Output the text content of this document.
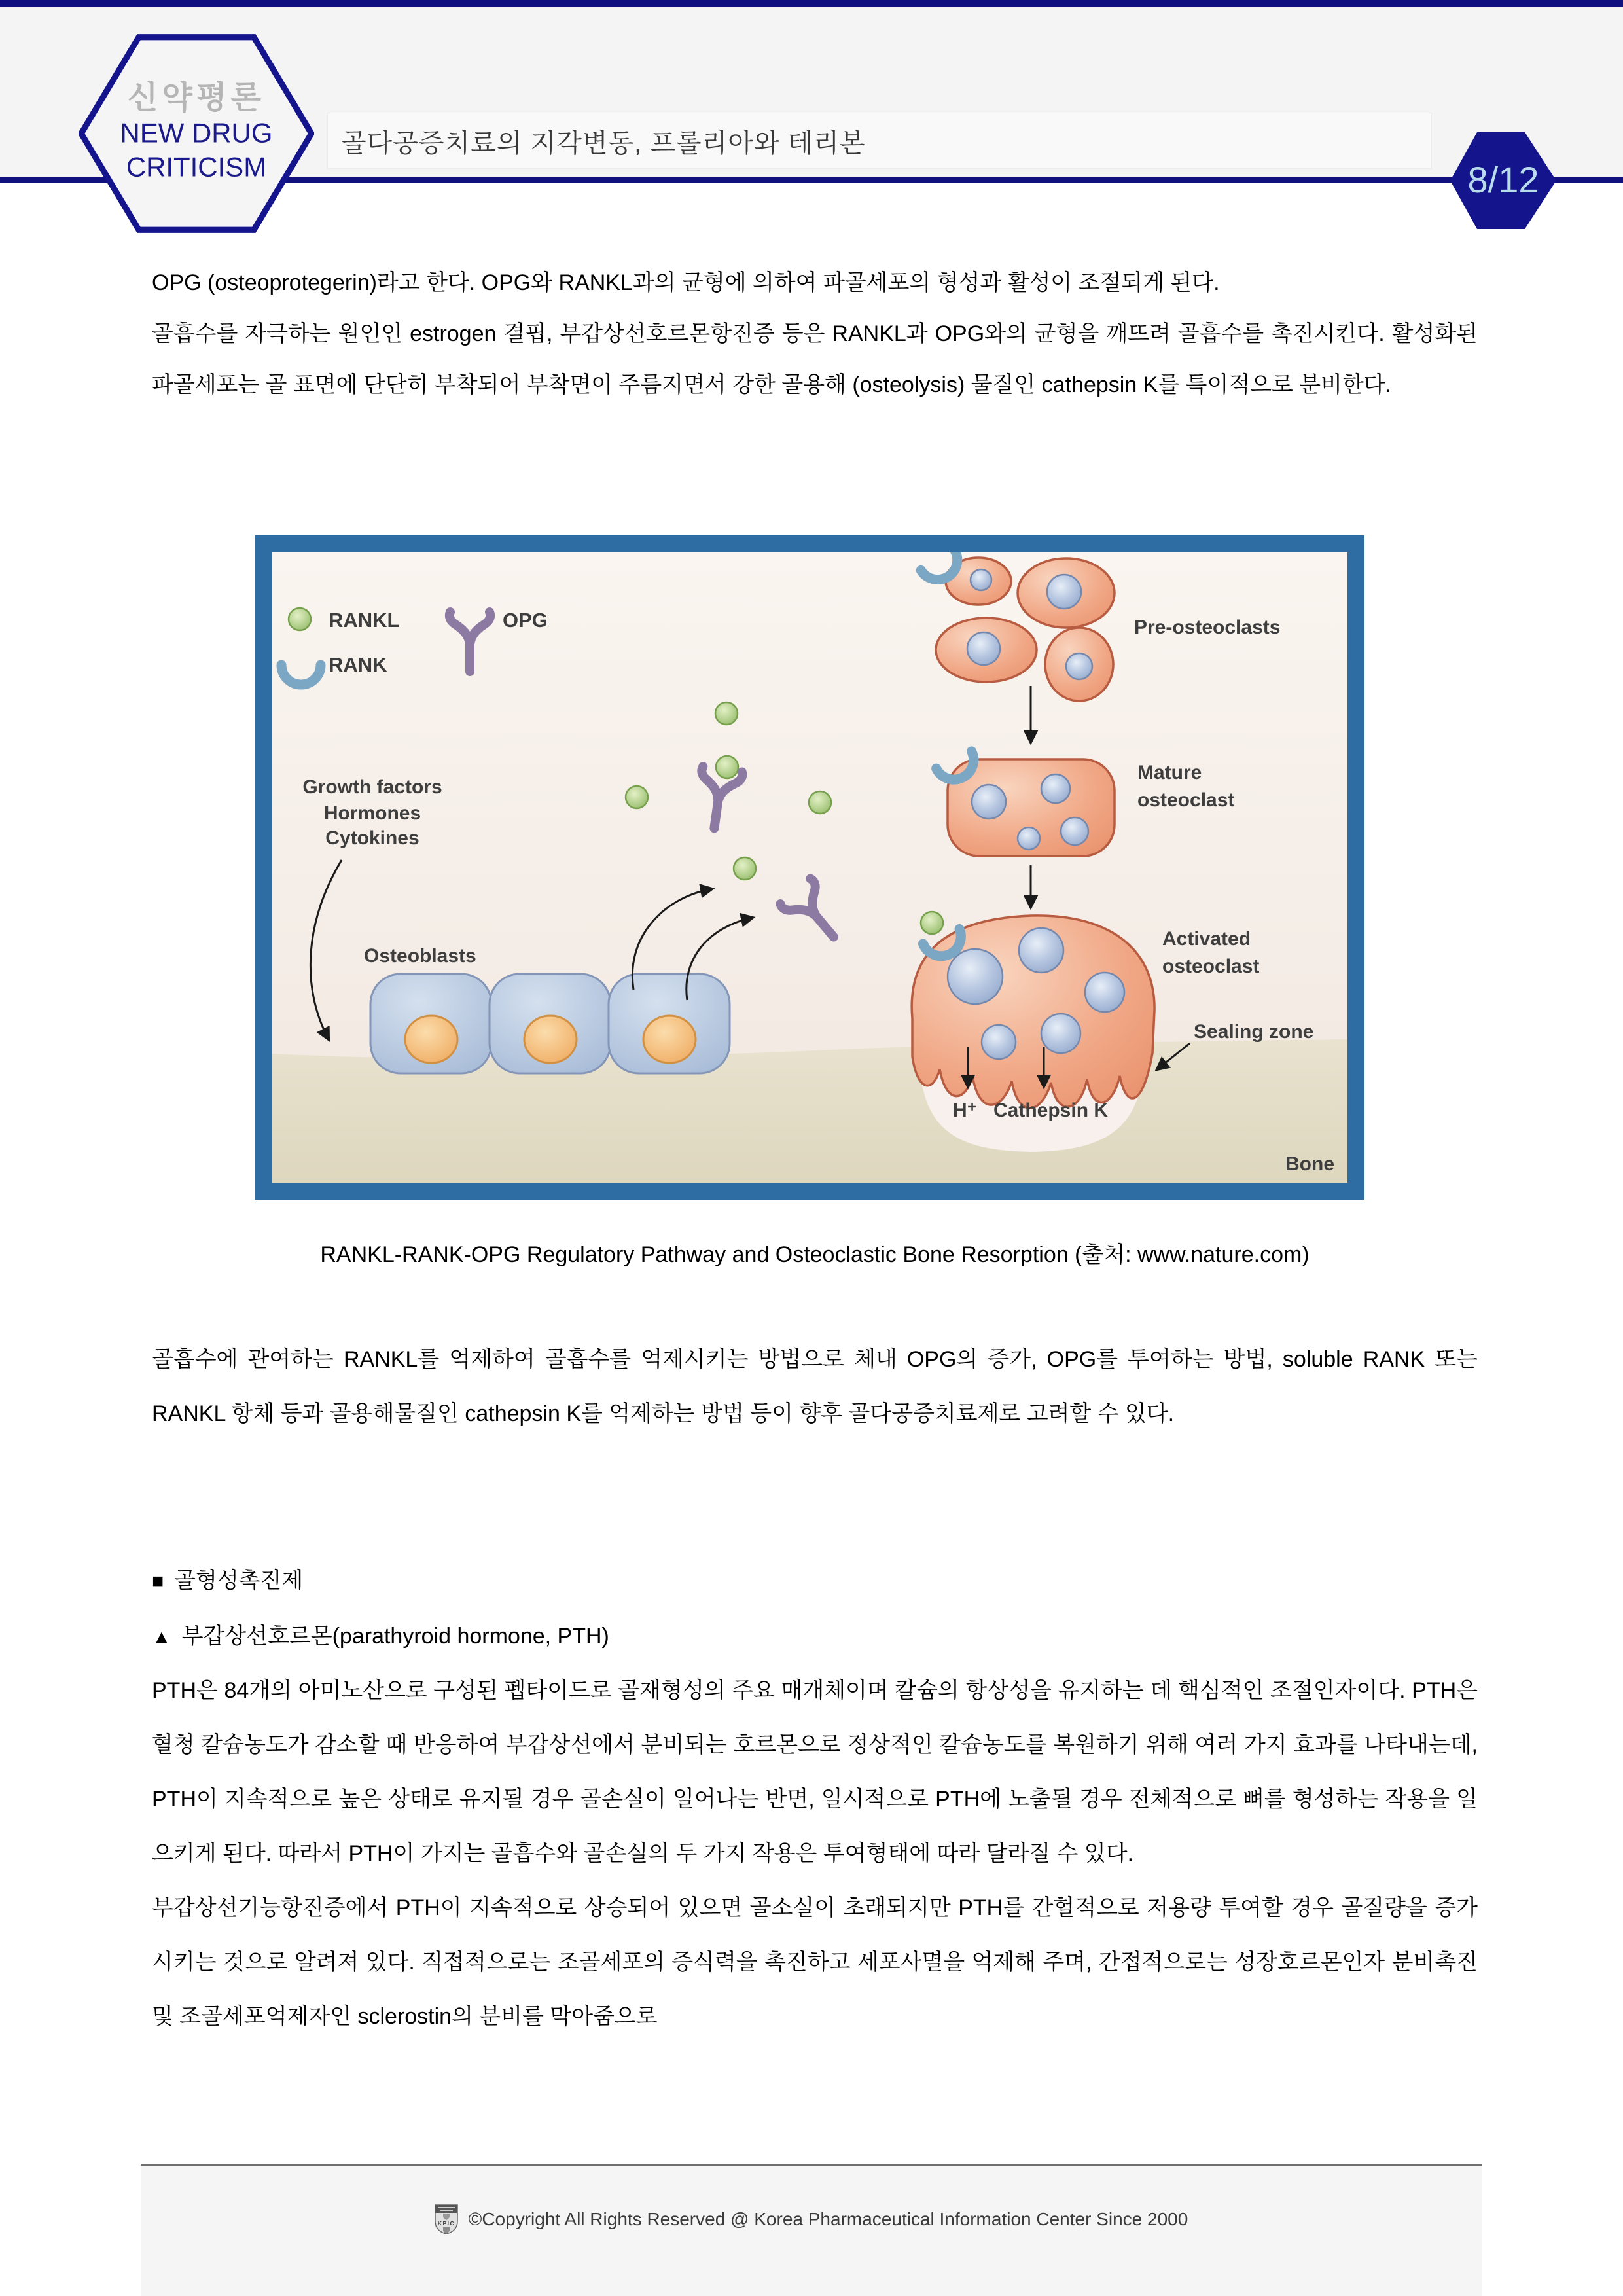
골다공증치료의 지각변동, 프롤리아와 테리본
신약평론
NEW DRUG
CRITICISM	8/12

OPG (osteoprotegerin)라고 한다. OPG와 RANKL과의 균형에 의하여 파골세포의 형성과 활성이 조절되게 된다.

골흡수를 자극하는 원인인 estrogen 결핍, 부갑상선호르몬항진증 등은 RANKL과 OPG와의 균형을 깨뜨려 골흡수를 촉진시킨다. 활성화된 파골세포는 골 표면에 단단히 부착되어 부착면이 주름지면서 강한 골용해 (osteolysis) 물질인 cathepsin K를 특이적으로 분비한다.

RANKL
RANK
OPG
Growth factors
Hormones
Cytokines
Osteoblasts
Pre-osteoclasts
Mature
osteoclast
Activated
osteoclast
Sealing zone
H⁺ Cathepsin K
Bone
RANKL-RANK-OPG Regulatory Pathway and Osteoclastic Bone Resorption (출처: www.nature.com)
골흡수에 관여하는 RANKL를 억제하여 골흡수를 억제시키는 방법으로 체내 OPG의 증가, OPG를 투여하는 방법, soluble RANK 또는 RANKL 항체 등과 골용해물질인 cathepsin K를 억제하는 방법 등이 향후 골다공증치료제로 고려할 수 있다.
■ 골형성촉진제
▲ 부갑상선호르몬(parathyroid hormone, PTH)

PTH은 84개의 아미노산으로 구성된 펩타이드로 골재형성의 주요 매개체이며 칼슘의 항상성을 유지하는 데 핵심적인 조절인자이다. PTH은 혈청 칼슘농도가 감소할 때 반응하여 부갑상선에서 분비되는 호르몬으로 정상적인 칼슘농도를 복원하기 위해 여러 가지 효과를 나타내는데, PTH이 지속적으로 높은 상태로 유지될 경우 골손실이 일어나는 반면, 일시적으로 PTH에 노출될 경우 전체적으로 뼈를 형성하는 작용을 일으키게 된다. 따라서 PTH이 가지는 골흡수와 골손실의 두 가지 작용은 투여형태에 따라 달라질 수 있다.

부갑상선기능항진증에서 PTH이 지속적으로 상승되어 있으면 골소실이 초래되지만 PTH를 간헐적으로 저용량 투여할 경우 골질량을 증가시키는 것으로 알려져 있다. 직접적으로는 조골세포의 증식력을 촉진하고 세포사멸을 억제해 주며, 간접적으로는 성장호르몬인자 분비촉진 및 조골세포억제자인 sclerostin의 분비를 막아줌으로

KPIC ©Copyright All Rights Reserved @ Korea Pharmaceutical Information Center Since 2000
